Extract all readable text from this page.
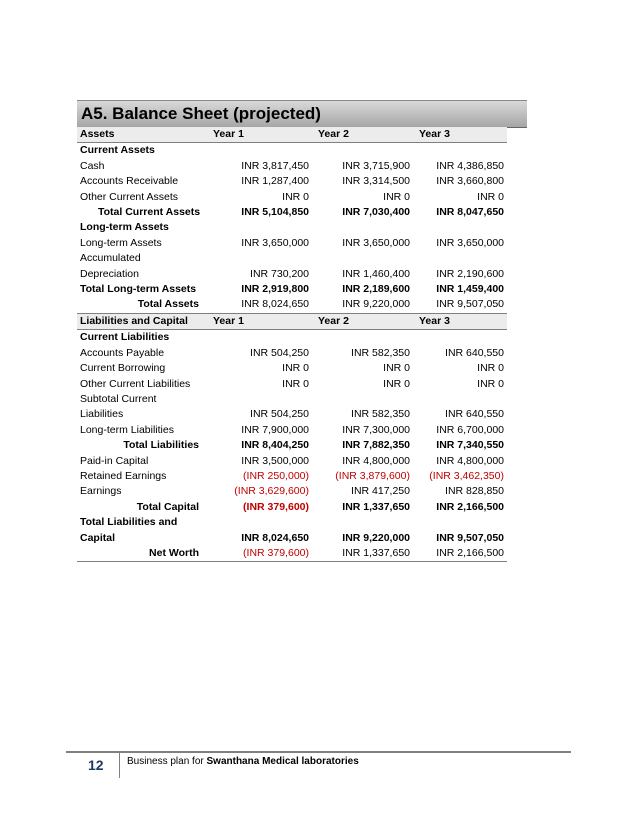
A5. Balance Sheet (projected)
Assets	Year 1	Year 2	Year 3
Current Assets			
Cash	INR 3,817,450	INR 3,715,900	INR 4,386,850
Accounts Receivable	INR 1,287,400	INR 3,314,500	INR 3,660,800
Other Current Assets	INR 0	INR 0	INR 0
Total Current Assets	INR 5,104,850	INR 7,030,400	INR 8,047,650
Long-term Assets			
Long-term Assets	INR 3,650,000	INR 3,650,000	INR 3,650,000
Accumulated
Depreciation	INR 730,200	INR 1,460,400	INR 2,190,600
Total Long-term Assets	INR 2,919,800	INR 2,189,600	INR 1,459,400
Total Assets	INR 8,024,650	INR 9,220,000	INR 9,507,050
Liabilities and Capital	Year 1	Year 2	Year 3
Current Liabilities			
Accounts Payable	INR 504,250	INR 582,350	INR 640,550
Current Borrowing	INR 0	INR 0	INR 0
Other Current Liabilities	INR 0	INR 0	INR 0
Subtotal Current
Liabilities	INR 504,250	INR 582,350	INR 640,550
Long-term Liabilities	INR 7,900,000	INR 7,300,000	INR 6,700,000
Total Liabilities	INR 8,404,250	INR 7,882,350	INR 7,340,550
Paid-in Capital	INR 3,500,000	INR 4,800,000	INR 4,800,000
Retained Earnings	(INR 250,000)	(INR 3,879,600)	(INR 3,462,350)
Earnings	(INR 3,629,600)	INR 417,250	INR 828,850
Total Capital	(INR 379,600)	INR 1,337,650	INR 2,166,500
Total Liabilities and
Capital	INR 8,024,650	INR 9,220,000	INR 9,507,050
Net Worth	(INR 379,600)	INR 1,337,650	INR 2,166,500
12 Business plan for Swanthana Medical laboratories
